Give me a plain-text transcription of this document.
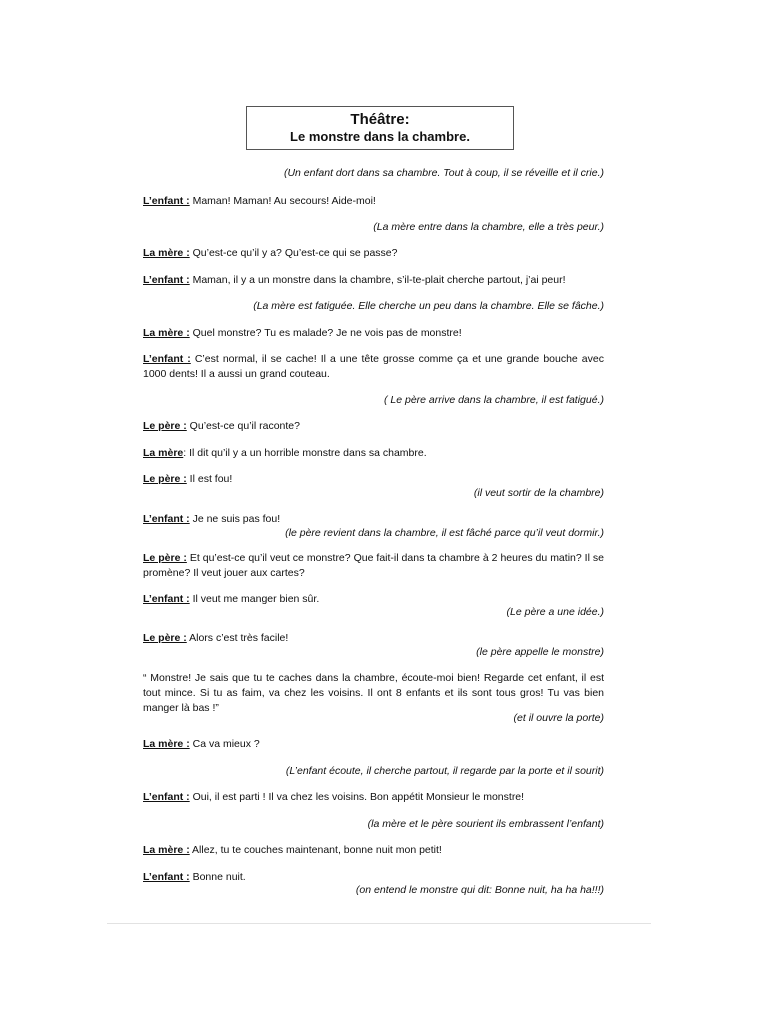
Théâtre:
Le monstre dans la chambre.
(Un enfant dort dans sa chambre. Tout à coup, il se réveille et il crie.)
L’enfant : Maman! Maman! Au secours! Aide-moi!
(La mère entre dans la chambre, elle a très peur.)
La mère : Qu’est-ce qu’il y a? Qu’est-ce qui se passe?
L’enfant : Maman, il y a un monstre dans la chambre, s’il-te-plait cherche partout, j’ai peur!
(La mère est fatiguée. Elle cherche un peu dans la chambre. Elle se fâche.)
La mère : Quel monstre? Tu es malade? Je ne vois pas de monstre!
L’enfant : C’est normal, il se cache! Il a une tête grosse comme ça et une grande bouche avec 1000 dents! Il a aussi un grand couteau.
( Le père arrive dans la chambre, il est fatigué.)
Le père : Qu’est-ce qu’il raconte?
La mère: Il dit qu’il y a un horrible monstre dans sa chambre.
Le père : Il est fou!
(il veut sortir de la chambre)
L’enfant : Je ne suis pas fou!
(le père revient dans la chambre, il est fâché parce qu’il veut dormir.)
Le père : Et qu’est-ce qu’il veut ce monstre? Que fait-il dans ta chambre à 2 heures du matin? Il se promène? Il veut jouer aux cartes?
L’enfant : Il veut me manger bien sûr.
(Le père a une idée.)
Le père : Alors c’est très facile!
(le père appelle le monstre)
“ Monstre! Je sais que tu te caches dans la chambre, écoute-moi bien! Regarde cet enfant, il est tout mince. Si tu as faim, va chez les voisins. Il ont 8 enfants et ils sont tous gros! Tu vas bien manger là bas !”
(et il ouvre la porte)
La mère : Ca va mieux ?
(L’enfant écoute, il cherche partout, il regarde par la porte et il sourit)
L’enfant : Oui, il est parti ! Il va chez les voisins. Bon appétit Monsieur le monstre!
(la mère et le père sourient ils embrassent l’enfant)
La mère : Allez, tu te couches maintenant, bonne nuit mon petit!
L’enfant : Bonne nuit.
(on entend le monstre qui dit: Bonne nuit, ha ha ha!!!)
